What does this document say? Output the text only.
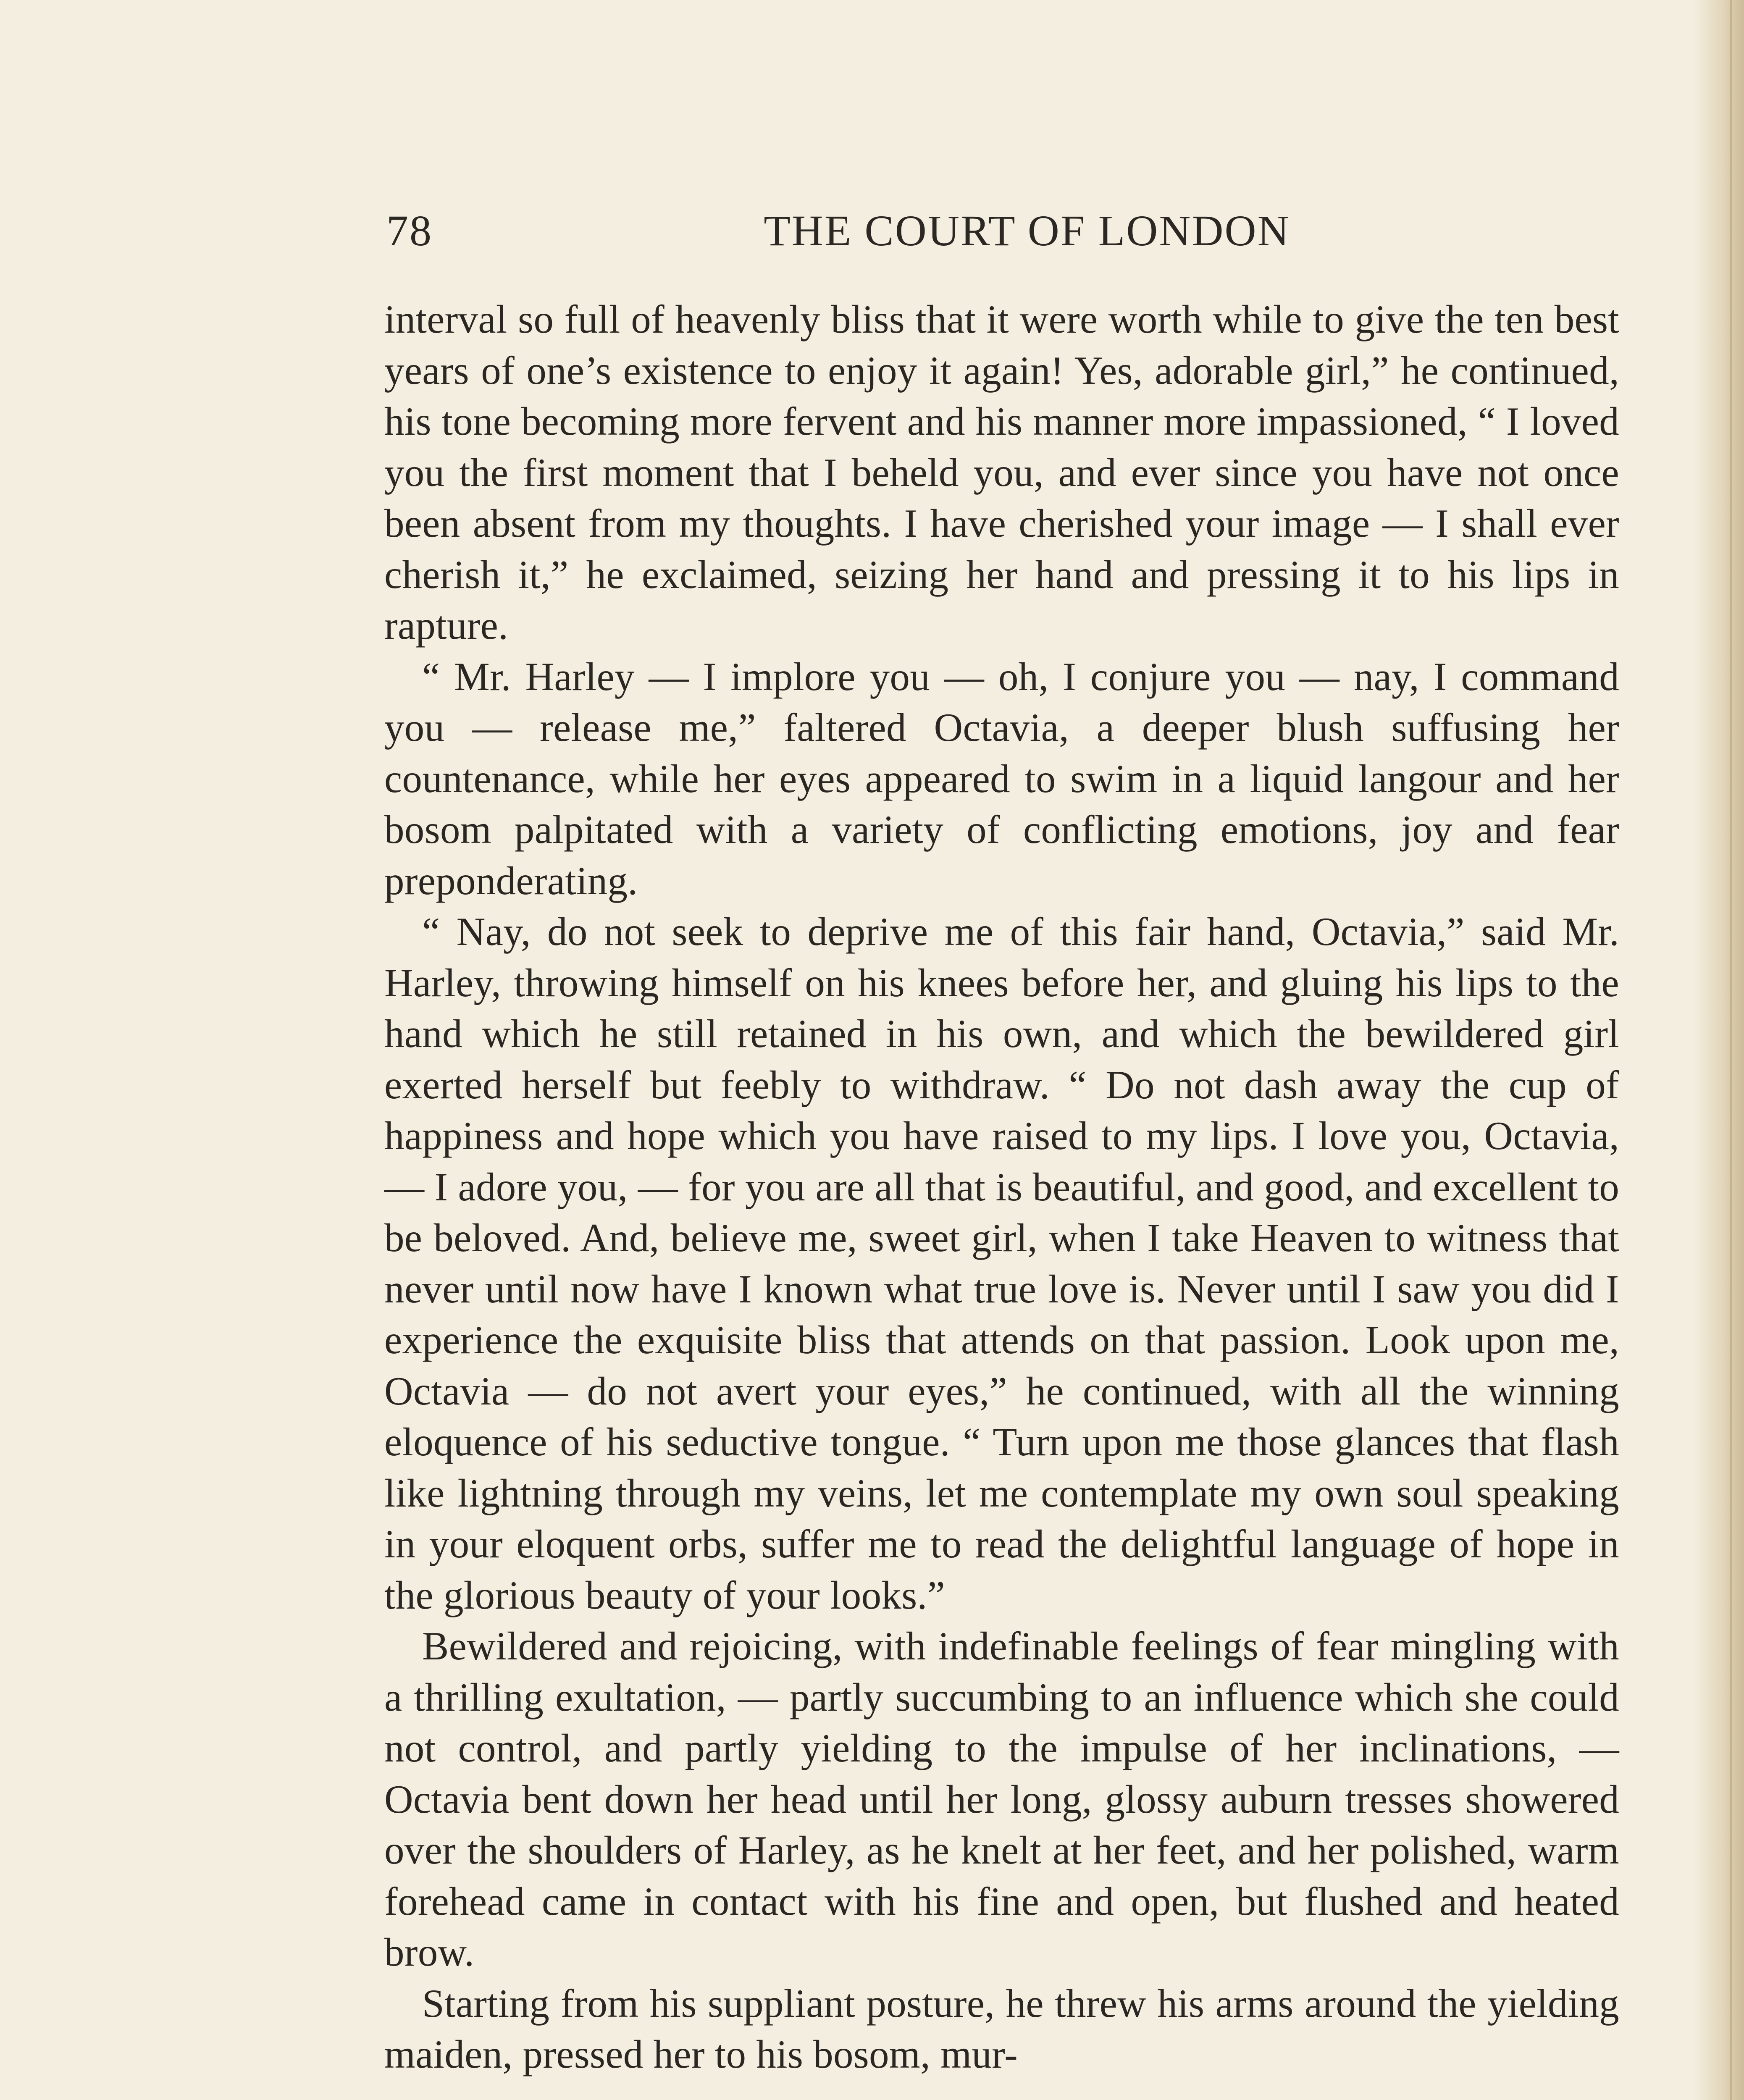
78	THE COURT OF LONDON

interval so full of heavenly bliss that it were worth while to give the ten best years of one’s existence to enjoy it again! Yes, adorable girl,” he continued, his tone becoming more fervent and his manner more impassioned, “ I loved you the first moment that I beheld you, and ever since you have not once been absent from my thoughts. I have cherished your image — I shall ever cherish it,” he exclaimed, seizing her hand and pressing it to his lips in rapture.

“ Mr. Harley — I implore you — oh, I conjure you — nay, I command you — release me,” faltered Octavia, a deeper blush suffusing her countenance, while her eyes appeared to swim in a liquid langour and her bosom palpitated with a variety of conflicting emotions, joy and fear preponderating.

“ Nay, do not seek to deprive me of this fair hand, Octavia,” said Mr. Harley, throwing himself on his knees before her, and gluing his lips to the hand which he still retained in his own, and which the bewildered girl exerted herself but feebly to withdraw. “ Do not dash away the cup of happiness and hope which you have raised to my lips. I love you, Octavia,— I adore you, — for you are all that is beautiful, and good, and excellent to be beloved. And, believe me, sweet girl, when I take Heaven to witness that never until now have I known what true love is. Never until I saw you did I experience the exquisite bliss that attends on that passion. Look upon me, Octavia — do not avert your eyes,” he continued, with all the winning eloquence of his seductive tongue. “ Turn upon me those glances that flash like lightning through my veins, let me contemplate my own soul speaking in your eloquent orbs, suffer me to read the delightful language of hope in the glorious beauty of your looks.”

Bewildered and rejoicing, with indefinable feelings of fear mingling with a thrilling exultation, — partly succumbing to an influence which she could not control, and partly yielding to the impulse of her inclinations, — Octavia bent down her head until her long, glossy auburn tresses showered over the shoulders of Harley, as he knelt at her feet, and her polished, warm forehead came in contact with his fine and open, but flushed and heated brow.

Starting from his suppliant posture, he threw his arms around the yielding maiden, pressed her to his bosom, mur-
